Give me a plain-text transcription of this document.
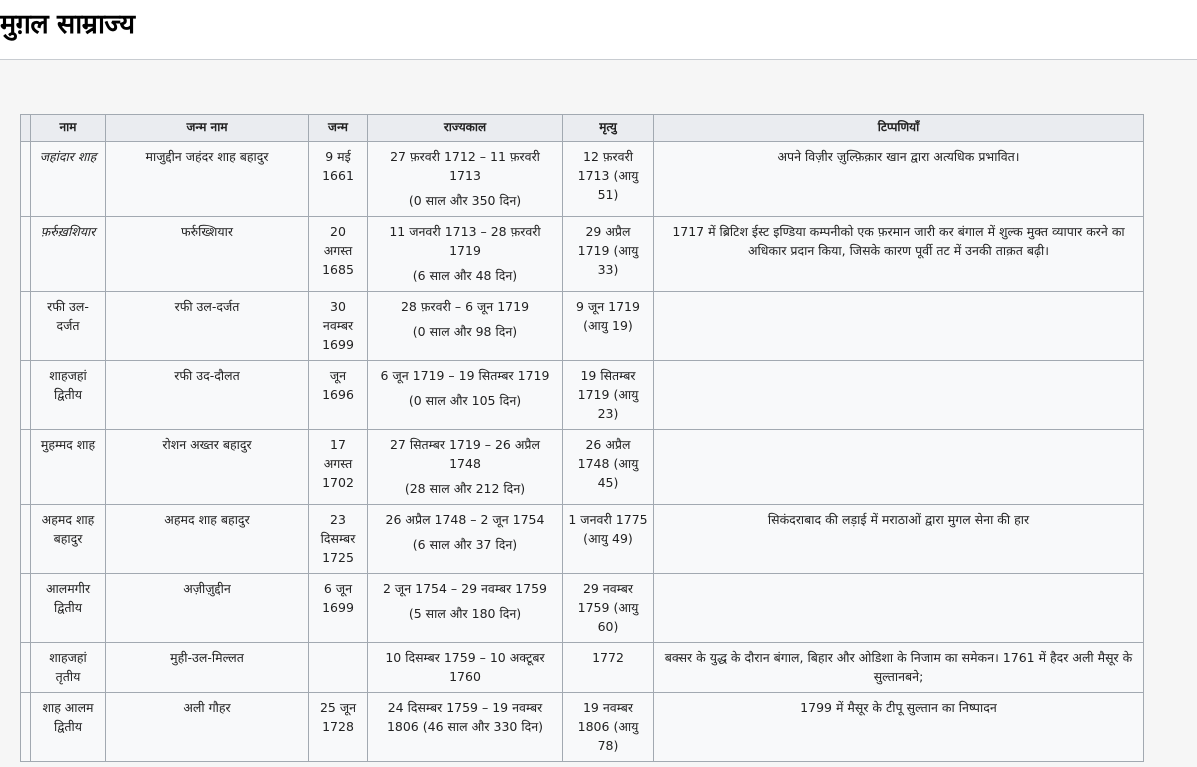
मुग़ल साम्राज्य
	नाम	जन्म नाम	जन्म	राज्यकाल	मृत्यु	टिप्पणियाँ
	जहांदार शाह	माजुद्दीन जहंदर शाह बहादुर	9 मई 1661	27 फ़रवरी 1712 – 11 फ़रवरी 1713
(0 साल और 350 दिन)	12 फ़रवरी 1713 (आयु 51)	अपने विज़ीर ज़ुल्फ़िक़ार खान द्वारा अत्यधिक प्रभावित।
	फ़र्रुख़शियार	फर्रुख्शियार	20 अगस्त 1685	11 जनवरी 1713 – 28 फ़रवरी 1719
(6 साल और 48 दिन)	29 अप्रैल 1719 (आयु 33)	1717 में ब्रिटिश ईस्ट इण्डिया कम्पनीको एक फ़रमान जारी कर बंगाल में शुल्क मुक्त व्यापार करने का अधिकार प्रदान किया, जिसके कारण पूर्वी तट में उनकी ताक़त बढ़ी।
	रफी उल-दर्जत	रफी उल-दर्जत	30 नवम्बर 1699	28 फ़रवरी – 6 जून 1719
(0 साल और 98 दिन)	9 जून 1719 (आयु 19)	
	शाहजहां द्वितीय	रफी उद-दौलत	जून 1696	6 जून 1719 – 19 सितम्बर 1719
(0 साल और 105 दिन)	19 सितम्बर 1719 (आयु 23)	
	मुहम्मद शाह	रोशन अख्तर बहादुर	17 अगस्त 1702	27 सितम्बर 1719 – 26 अप्रैल 1748
(28 साल और 212 दिन)	26 अप्रैल 1748 (आयु 45)	
	अहमद शाह बहादुर	अहमद शाह बहादुर	23 दिसम्बर 1725	26 अप्रैल 1748 – 2 जून 1754
(6 साल और 37 दिन)	1 जनवरी 1775 (आयु 49)	सिकंदराबाद की लड़ाई में मराठाओं द्वारा मुगल सेना की हार
	आलमगीर द्वितीय	अज़ीज़ुद्दीन	6 जून 1699	2 जून 1754 – 29 नवम्बर 1759
(5 साल और 180 दिन)	29 नवम्बर 1759 (आयु 60)	
	शाहजहां तृतीय	मुही-उल-मिल्लत		10 दिसम्बर 1759 – 10 अक्टूबर 1760	1772	बक्सर के युद्ध के दौरान बंगाल, बिहार और ओडिशा के निजाम का समेकन। 1761 में हैदर अली मैसूर के सुल्तानबने;
	शाह आलम द्वितीय	अली गौहर	25 जून 1728	24 दिसम्बर 1759 – 19 नवम्बर 1806 (46 साल और 330 दिन)	19 नवम्बर 1806 (आयु 78)	1799 में मैसूर के टीपू सुल्तान का निष्पादन
